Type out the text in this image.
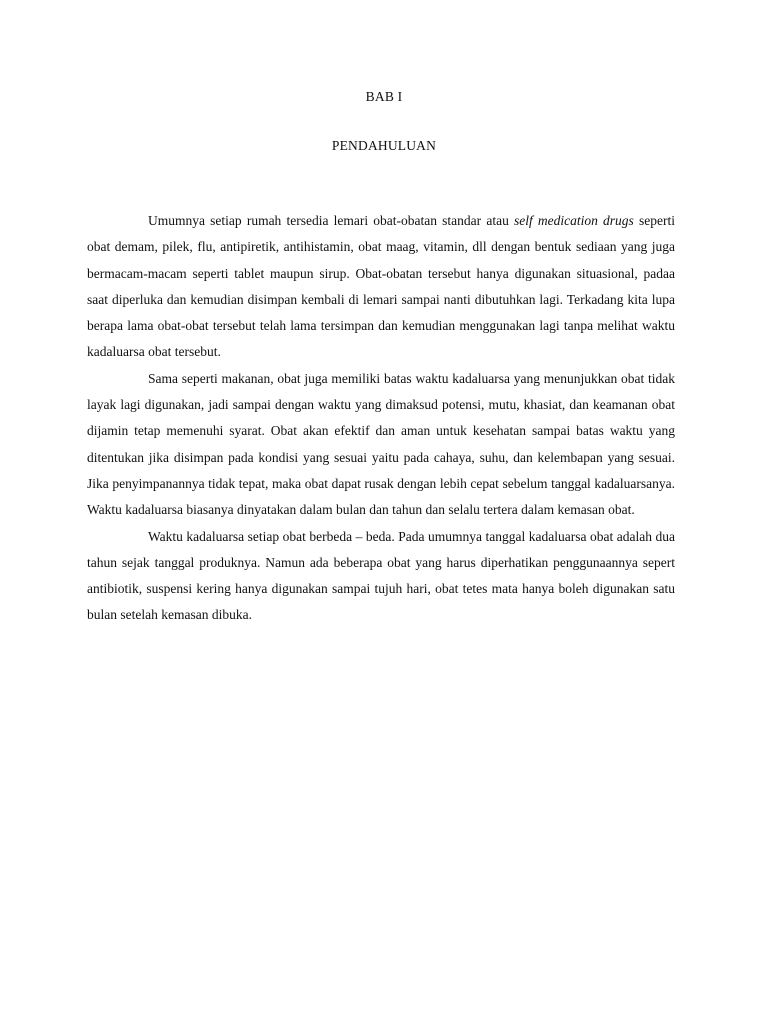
BAB I
PENDAHULUAN

Umumnya setiap rumah tersedia lemari obat-obatan standar atau self medication drugs seperti obat demam, pilek, flu, antipiretik, antihistamin, obat maag, vitamin, dll dengan bentuk sediaan yang juga bermacam-macam seperti tablet maupun sirup. Obat-obatan tersebut hanya digunakan situasional, padaa saat diperluka dan kemudian disimpan kembali di lemari sampai nanti dibutuhkan lagi. Terkadang kita lupa berapa lama obat-obat tersebut telah lama tersimpan dan kemudian menggunakan lagi tanpa melihat waktu kadaluarsa obat tersebut.

Sama seperti makanan, obat juga memiliki batas waktu kadaluarsa yang menunjukkan obat tidak layak lagi digunakan, jadi sampai dengan waktu yang dimaksud potensi, mutu, khasiat, dan keamanan obat dijamin tetap memenuhi syarat. Obat akan efektif dan aman untuk kesehatan sampai batas waktu yang ditentukan jika disimpan pada kondisi yang sesuai yaitu pada cahaya, suhu, dan kelembapan yang sesuai. Jika penyimpanannya tidak tepat, maka obat dapat rusak dengan lebih cepat sebelum tanggal kadaluarsanya. Waktu kadaluarsa biasanya dinyatakan dalam bulan dan tahun dan selalu tertera dalam kemasan obat.

Waktu kadaluarsa setiap obat berbeda – beda. Pada umumnya tanggal kadaluarsa obat adalah dua tahun sejak tanggal produknya. Namun ada beberapa obat yang harus diperhatikan penggunaannya sepert antibiotik, suspensi kering hanya digunakan sampai tujuh hari, obat tetes mata hanya boleh digunakan satu bulan setelah kemasan dibuka.
